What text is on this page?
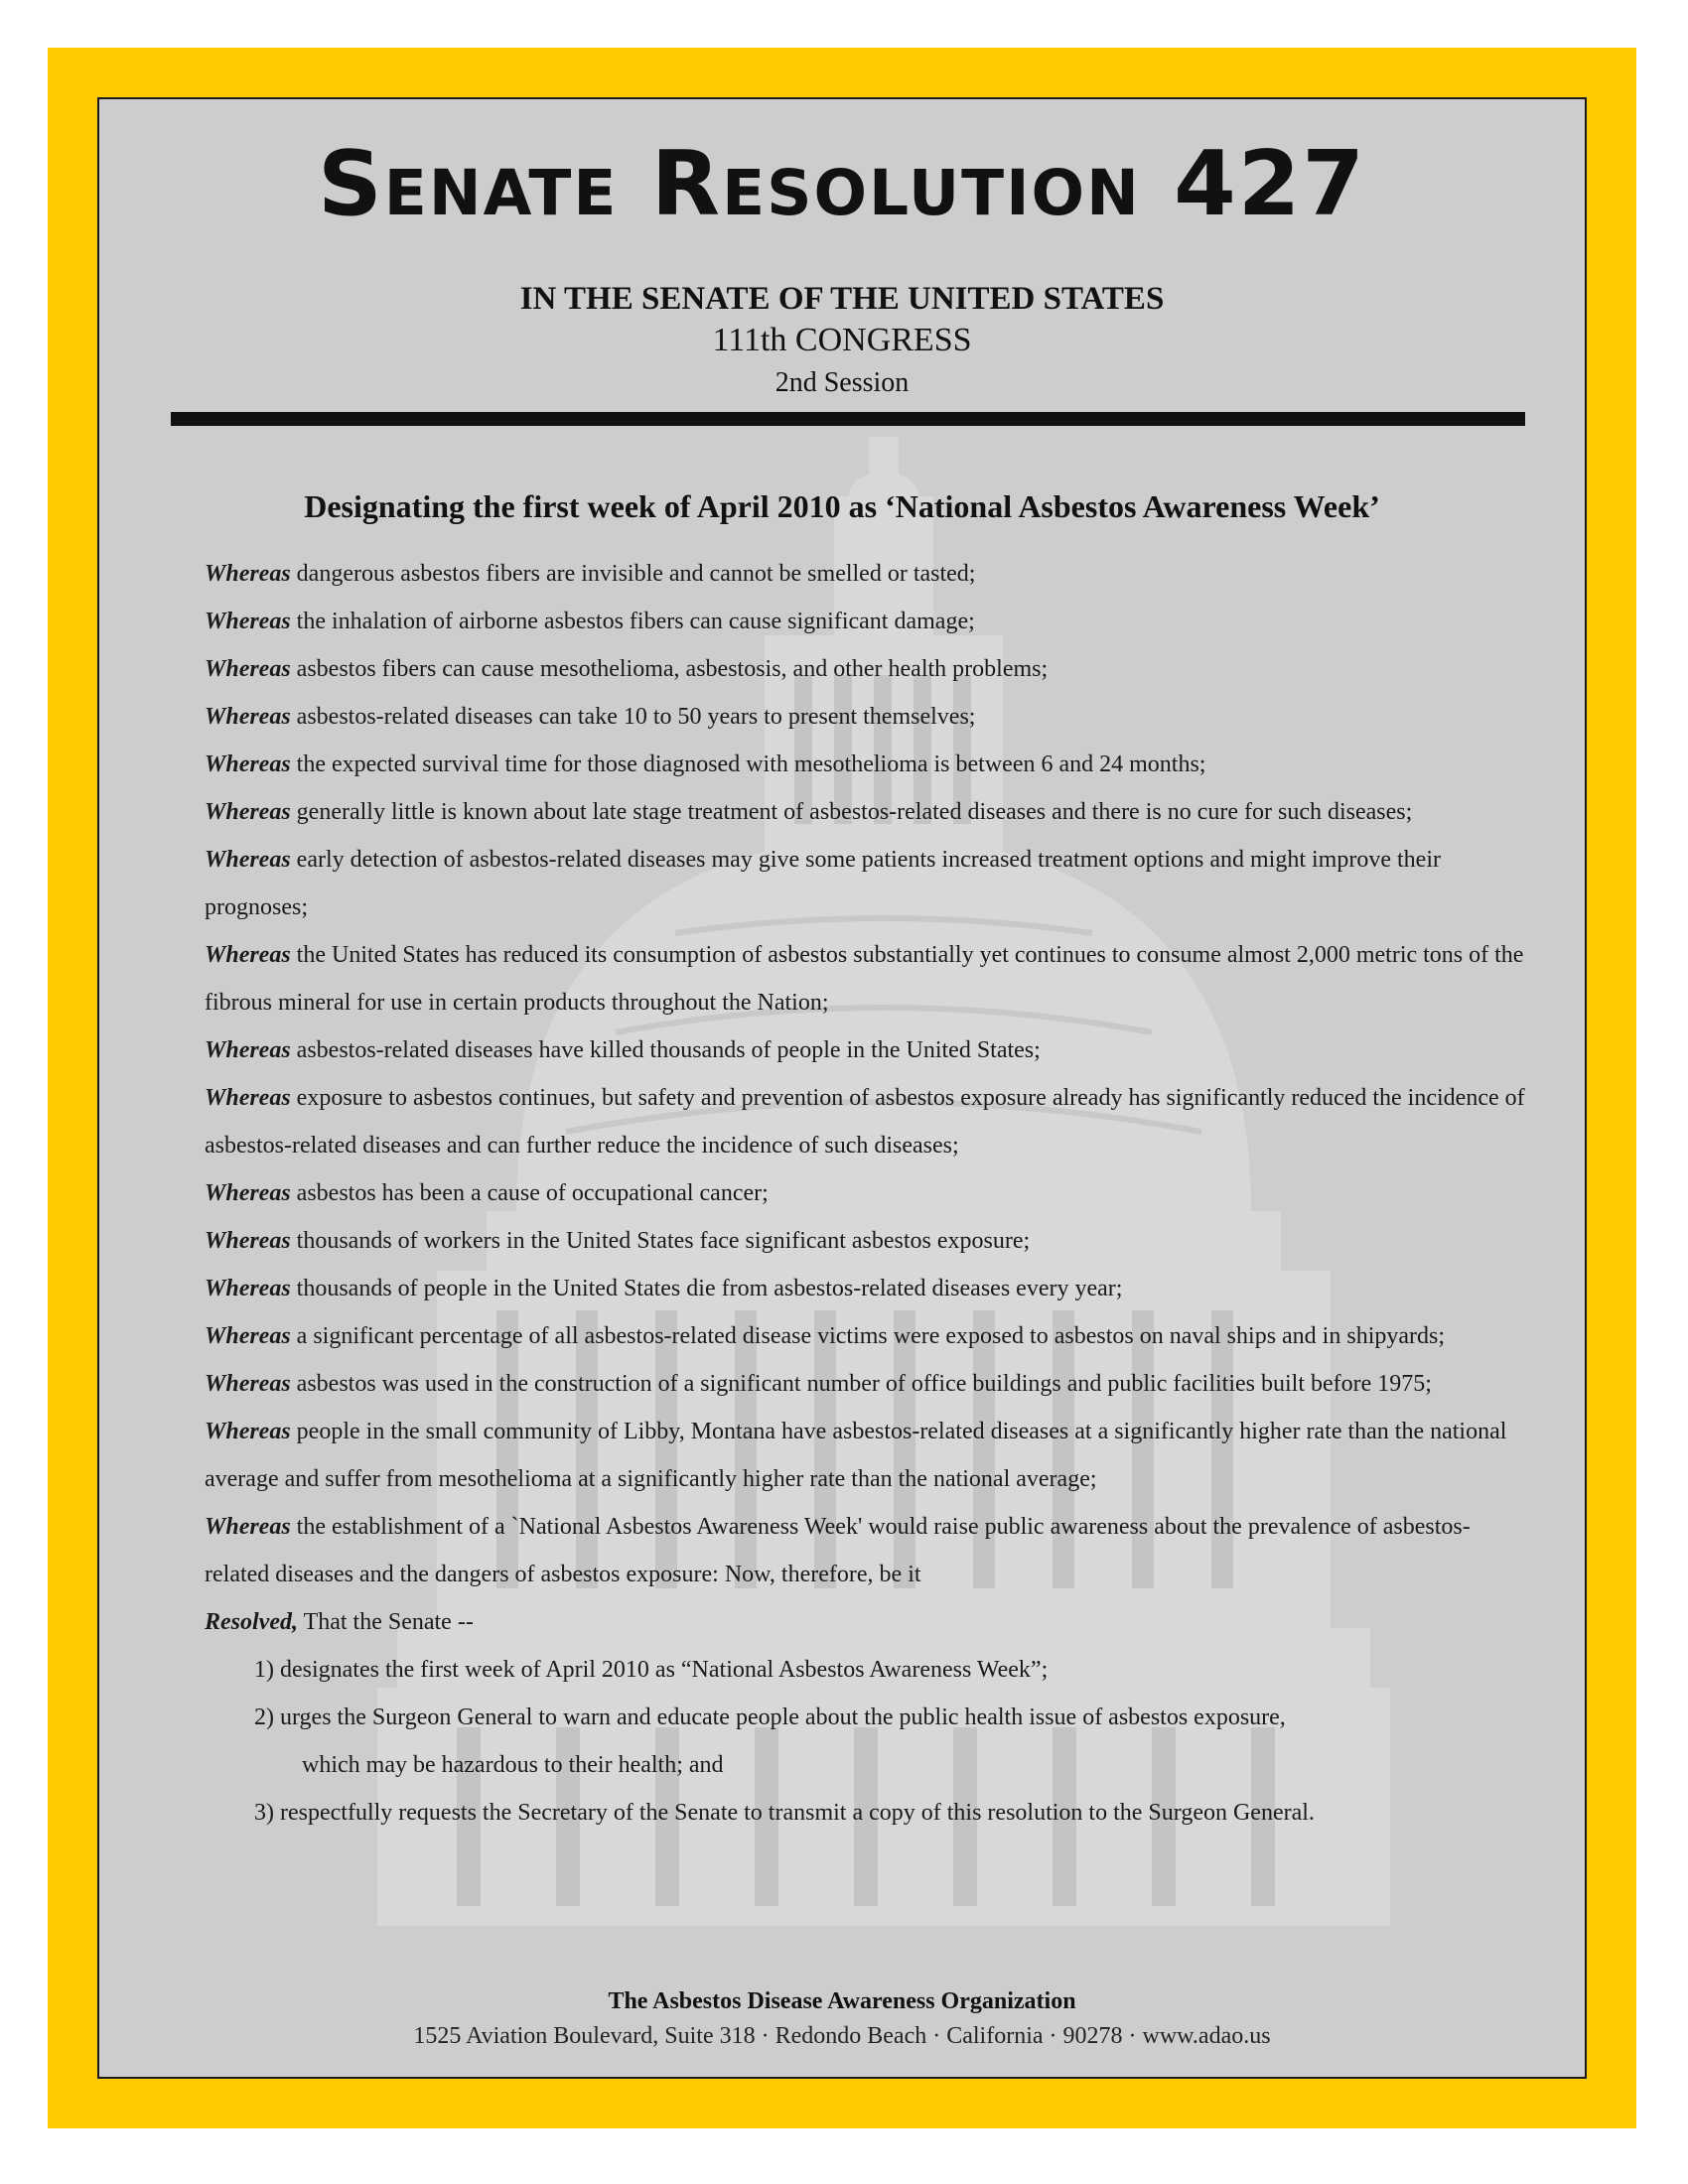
Senate Resolution 427

IN THE SENATE OF THE UNITED STATES

111th CONGRESS

2nd Session

Designating the first week of April 2010 as ‘National Asbestos Awareness Week’

Whereas dangerous asbestos fibers are invisible and cannot be smelled or tasted;

Whereas the inhalation of airborne asbestos fibers can cause significant damage;

Whereas asbestos fibers can cause mesothelioma, asbestosis, and other health problems;

Whereas asbestos-related diseases can take 10 to 50 years to present themselves;

Whereas the expected survival time for those diagnosed with mesothelioma is between 6 and 24 months;

Whereas generally little is known about late stage treatment of asbestos-related diseases and there is no cure for such diseases;

Whereas early detection of asbestos-related diseases may give some patients increased treatment options and might improve their prognoses;

Whereas the United States has reduced its consumption of asbestos substantially yet continues to consume almost 2,000 metric tons of the fibrous mineral for use in certain products throughout the Nation;

Whereas asbestos-related diseases have killed thousands of people in the United States;

Whereas exposure to asbestos continues, but safety and prevention of asbestos exposure already has significantly reduced the incidence of asbestos-related diseases and can further reduce the incidence of such diseases;

Whereas asbestos has been a cause of occupational cancer;

Whereas thousands of workers in the United States face significant asbestos exposure;

Whereas thousands of people in the United States die from asbestos-related diseases every year;

Whereas a significant percentage of all asbestos-related disease victims were exposed to asbestos on naval ships and in shipyards;

Whereas asbestos was used in the construction of a significant number of office buildings and public facilities built before 1975;

Whereas people in the small community of Libby, Montana have asbestos-related diseases at a significantly higher rate than the national average and suffer from mesothelioma at a significantly higher rate than the national average;

Whereas the establishment of a `National Asbestos Awareness Week' would raise public awareness about the prevalence of asbestos-related diseases and the dangers of asbestos exposure: Now, therefore, be it

Resolved, That the Senate --

1) designates the first week of April 2010 as “National Asbestos Awareness Week”;
2) urges the Surgeon General to warn and educate people about the public health issue of asbestos exposure,
which may be hazardous to their health; and
3) respectfully requests the Secretary of the Senate to transmit a copy of this resolution to the Surgeon General.

The Asbestos Disease Awareness Organization

1525 Aviation Boulevard, Suite 318 · Redondo Beach · California · 90278 · www.adao.us
